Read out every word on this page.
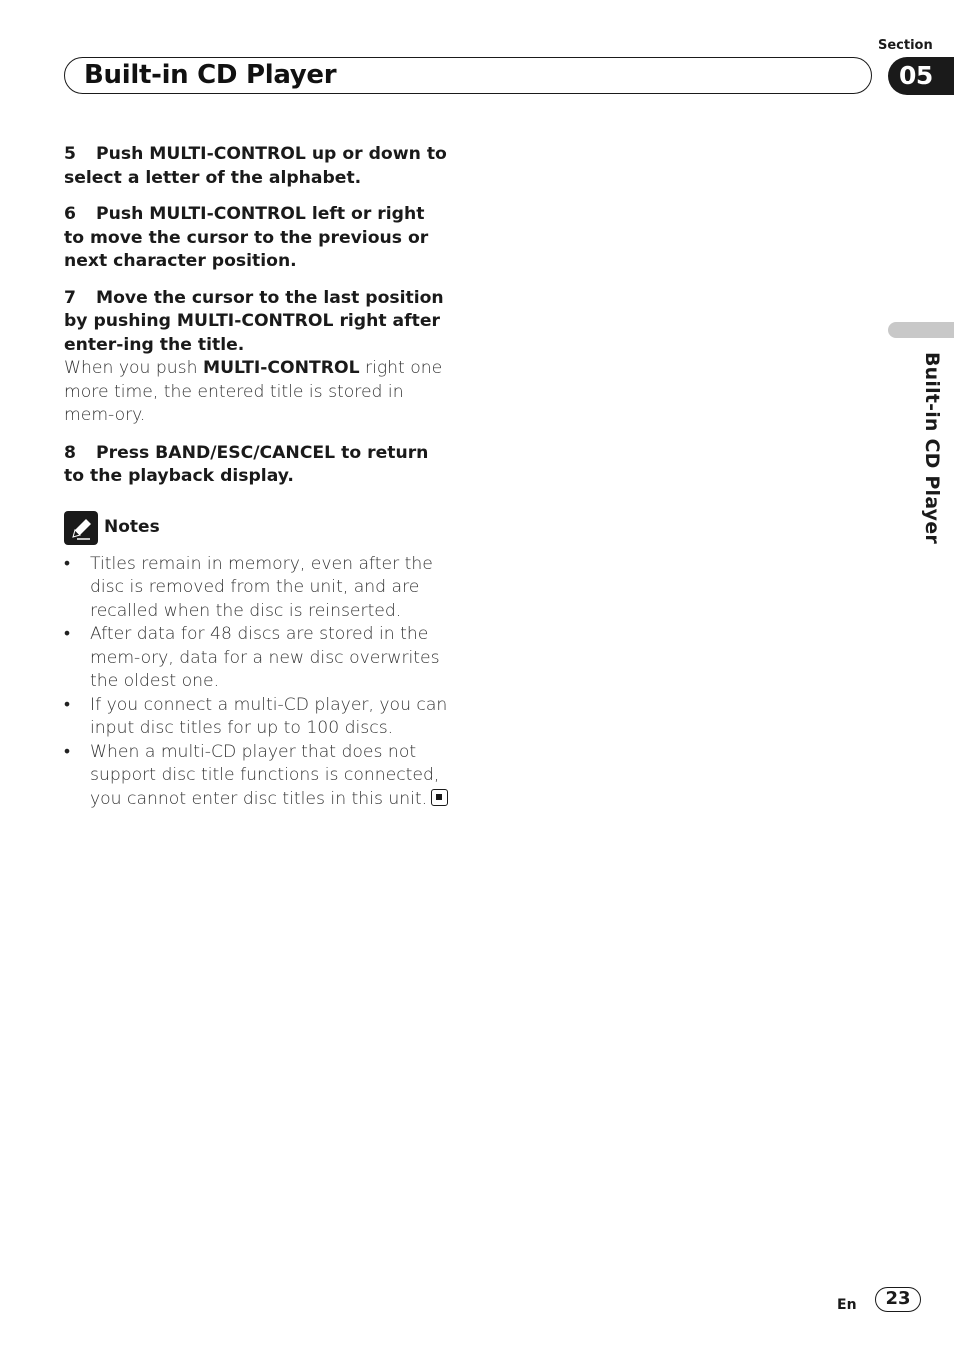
Section
Built-in CD Player	05
Built-in CD Player
5 Push MULTI-CONTROL up or down to select a letter of the alphabet.
6 Push MULTI-CONTROL left or right to move the cursor to the previous or next character position.
7 Move the cursor to the last position by pushing MULTI-CONTROL right after enter-ing the title.

When you push MULTI-CONTROL right one more time, the entered title is stored in mem-ory.

8 Press BAND/ESC/CANCEL to return to the playback display.
Notes
• Titles remain in memory, even after the disc is removed from the unit, and are recalled when the disc is reinserted.
• After data for 48 discs are stored in the mem-ory, data for a new disc overwrites the oldest one.
• If you connect a multi-CD player, you can input disc titles for up to 100 discs.
• When a multi-CD player that does not support disc title functions is connected, you cannot enter disc titles in this unit.
En	23
